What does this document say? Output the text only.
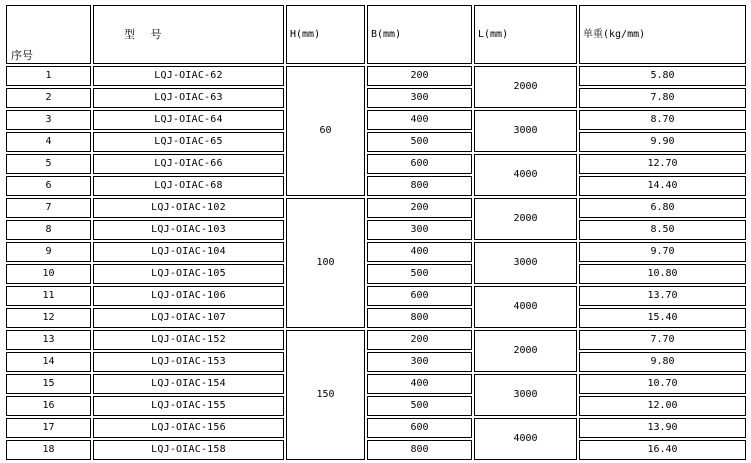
序号	型 号	H(mm)	B(mm)	L(mm)	单重(kg/mm)
1	LQJ-OIAC-62	60	200	2000	5.80
2	LQJ-OIAC-63		300		7.80
3	LQJ-OIAC-64		400	3000	8.70
4	LQJ-OIAC-65		500		9.90
5	LQJ-OIAC-66		600	4000	12.70
6	LQJ-OIAC-68		800		14.40
7	LQJ-OIAC-102	100	200	2000	6.80
8	LQJ-OIAC-103		300		8.50
9	LQJ-OIAC-104		400	3000	9.70
10	LQJ-OIAC-105		500		10.80
11	LQJ-OIAC-106		600	4000	13.70
12	LQJ-OIAC-107		800		15.40
13	LQJ-OIAC-152	150	200	2000	7.70
14	LQJ-OIAC-153		300		9.80
15	LQJ-OIAC-154		400	3000	10.70
16	LQJ-OIAC-155		500		12.00
17	LQJ-OIAC-156		600	4000	13.90
18	LQJ-OIAC-158		800		16.40
